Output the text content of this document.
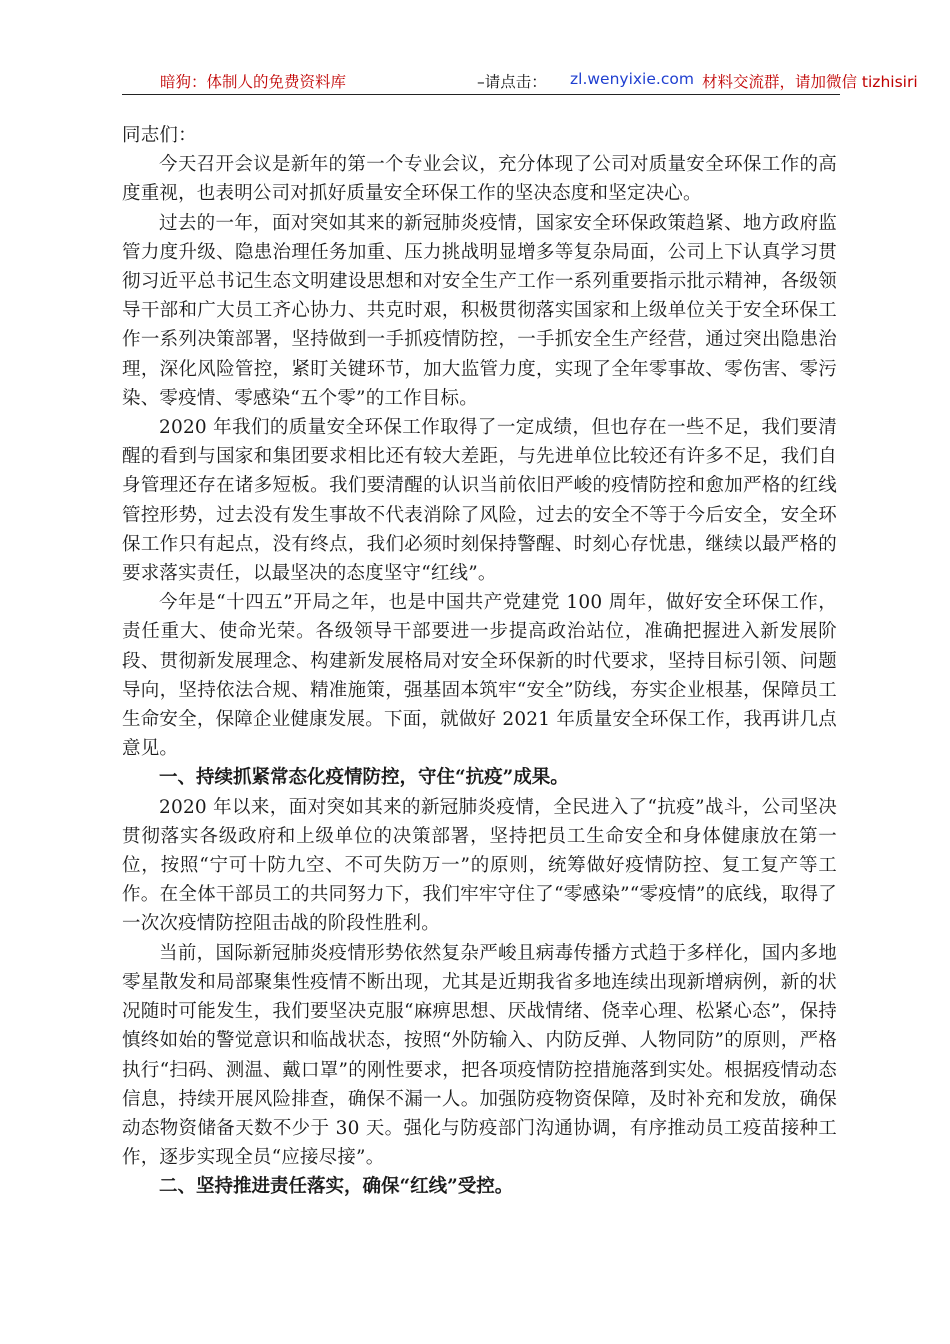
暗狗：体制人的免费资料库	–请点击： zl.wenyixie.com 材料交流群，请加微信 tizhisiri

同志们：

今天召开会议是新年的第一个专业会议，充分体现了公司对质量安全环保工作的高度重视，也表明公司对抓好质量安全环保工作的坚决态度和坚定决心。

过去的一年，面对突如其来的新冠肺炎疫情，国家安全环保政策趋紧、地方政府监管力度升级、隐患治理任务加重、压力挑战明显增多等复杂局面，公司上下认真学习贯彻习近平总书记生态文明建设思想和对安全生产工作一系列重要指示批示精神，各级领导干部和广大员工齐心协力、共克时艰，积极贯彻落实国家和上级单位关于安全环保工作一系列决策部署，坚持做到一手抓疫情防控，一手抓安全生产经营，通过突出隐患治理，深化风险管控，紧盯关键环节，加大监管力度，实现了全年零事故、零伤害、零污染、零疫情、零感染“五个零”的工作目标。

2020 年我们的质量安全环保工作取得了一定成绩，但也存在一些不足，我们要清醒的看到与国家和集团要求相比还有较大差距，与先进单位比较还有许多不足，我们自身管理还存在诸多短板。我们要清醒的认识当前依旧严峻的疫情防控和愈加严格的红线管控形势，过去没有发生事故不代表消除了风险，过去的安全不等于今后安全，安全环保工作只有起点，没有终点，我们必须时刻保持警醒、时刻心存忧患，继续以最严格的要求落实责任，以最坚决的态度坚守“红线”。

今年是“十四五”开局之年，也是中国共产党建党 100 周年，做好安全环保工作，责任重大、使命光荣。各级领导干部要进一步提高政治站位，准确把握进入新发展阶段、贯彻新发展理念、构建新发展格局对安全环保新的时代要求，坚持目标引领、问题导向，坚持依法合规、精准施策，强基固本筑牢“安全”防线，夯实企业根基，保障员工生命安全，保障企业健康发展。下面，就做好 2021 年质量安全环保工作，我再讲几点意见。

一、持续抓紧常态化疫情防控，守住“抗疫”成果。

2020 年以来，面对突如其来的新冠肺炎疫情，全民进入了“抗疫”战斗，公司坚决贯彻落实各级政府和上级单位的决策部署，坚持把员工生命安全和身体健康放在第一位，按照“宁可十防九空、不可失防万一”的原则，统筹做好疫情防控、复工复产等工作。在全体干部员工的共同努力下，我们牢牢守住了“零感染”“零疫情”的底线，取得了一次次疫情防控阻击战的阶段性胜利。

当前，国际新冠肺炎疫情形势依然复杂严峻且病毒传播方式趋于多样化，国内多地零星散发和局部聚集性疫情不断出现，尤其是近期我省多地连续出现新增病例，新的状况随时可能发生，我们要坚决克服“麻痹思想、厌战情绪、侥幸心理、松紧心态”，保持慎终如始的警觉意识和临战状态，按照“外防输入、内防反弹、人物同防”的原则，严格执行“扫码、测温、戴口罩”的刚性要求，把各项疫情防控措施落到实处。根据疫情动态信息，持续开展风险排查，确保不漏一人。加强防疫物资保障，及时补充和发放，确保动态物资储备天数不少于 30 天。强化与防疫部门沟通协调，有序推动员工疫苗接种工作，逐步实现全员“应接尽接”。

二、坚持推进责任落实，确保“红线”受控。
